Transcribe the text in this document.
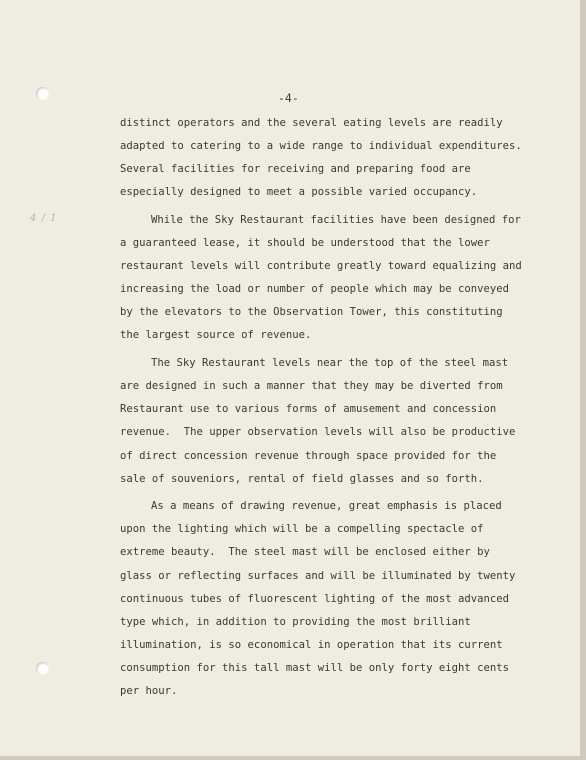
4 / 1
-4-
distinct operators and the several eating levels are readily
adapted to catering to a wide range to individual expenditures.
Several facilities for receiving and preparing food are
especially designed to meet a possible varied occupancy.
While the Sky Restaurant facilities have been designed for
a guaranteed lease, it should be understood that the lower
restaurant levels will contribute greatly toward equalizing and
increasing the load or number of people which may be conveyed
by the elevators to the Observation Tower, this constituting
the largest source of revenue.
The Sky Restaurant levels near the top of the steel mast
are designed in such a manner that they may be diverted from
Restaurant use to various forms of amusement and concession
revenue.  The upper observation levels will also be productive
of direct concession revenue through space provided for the
sale of souveniors, rental of field glasses and so forth.
As a means of drawing revenue, great emphasis is placed
upon the lighting which will be a compelling spectacle of
extreme beauty.  The steel mast will be enclosed either by
glass or reflecting surfaces and will be illuminated by twenty
continuous tubes of fluorescent lighting of the most advanced
type which, in addition to providing the most brilliant
illumination, is so economical in operation that its current
consumption for this tall mast will be only forty eight cents
per hour.
